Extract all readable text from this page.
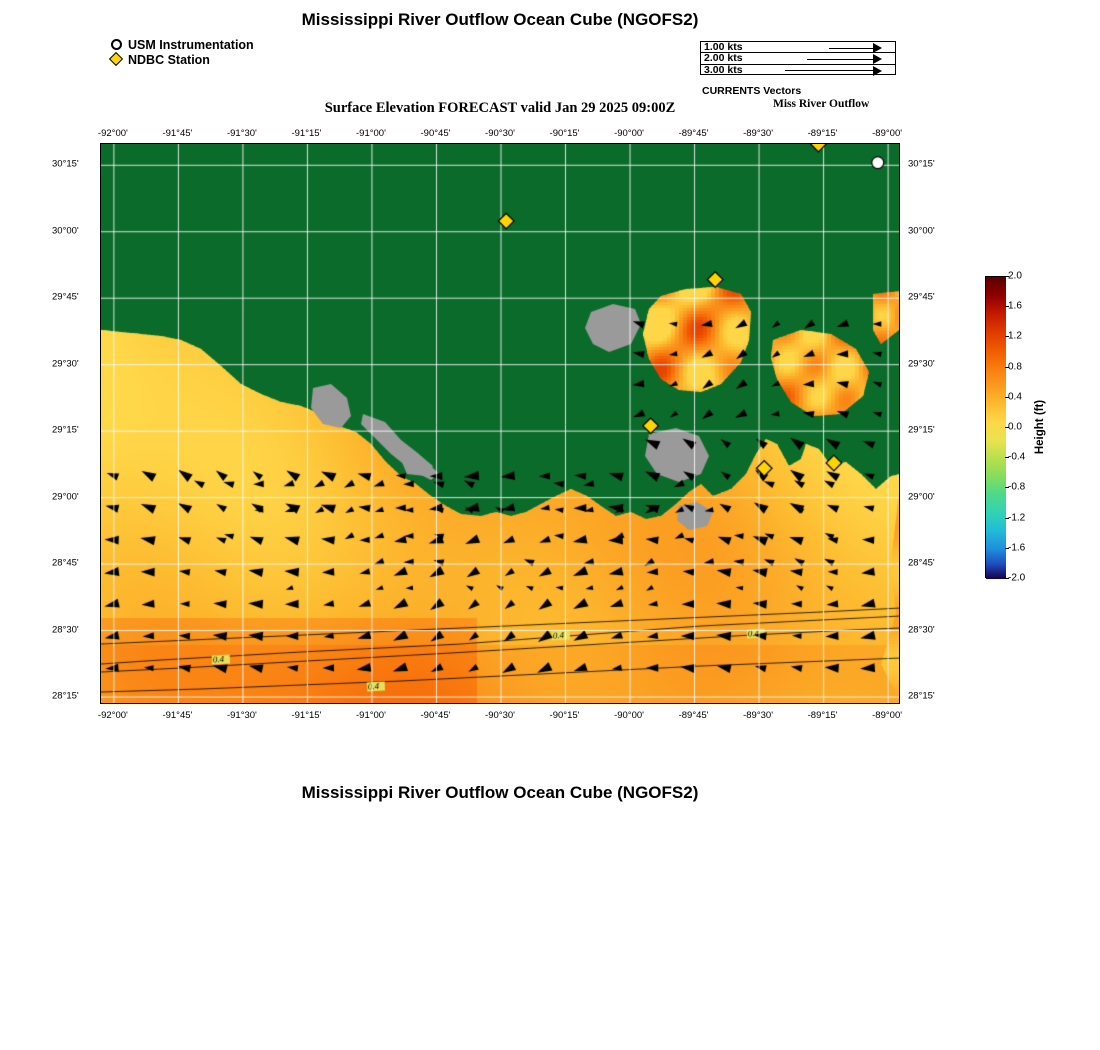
Mississippi River Outflow Ocean Cube (NGOFS2)
Surface Elevation FORECAST valid Jan 29 2025 09:00Z	Miss River Outflow
Mississippi River Outflow Ocean Cube (NGOFS2)
USM Instrumentation
NDBC Station
1.00 kts
2.00 kts
3.00 kts
CURRENTS Vectors
-92°00'
-92°00'
-91°45'
-91°45'
-91°30'
-91°30'
-91°15'
-91°15'
-91°00'
-91°00'
-90°45'
-90°45'
-90°30'
-90°30'
-90°15'
-90°15'
-90°00'
-90°00'
-89°45'
-89°45'
-89°30'
-89°30'
-89°15'
-89°15'
-89°00'
-89°00'
30°15'	30°15'
30°00'	30°00'
29°45'	29°45'
29°30'	29°30'
29°15'	29°15'
29°00'	29°00'
28°45'	28°45'
28°30'	28°30'
28°15'	28°15'
2.0
1.6
1.2
0.8
0.4
0.0
-0.4
-0.8
-1.2
-1.6
-2.0
Height (ft)
